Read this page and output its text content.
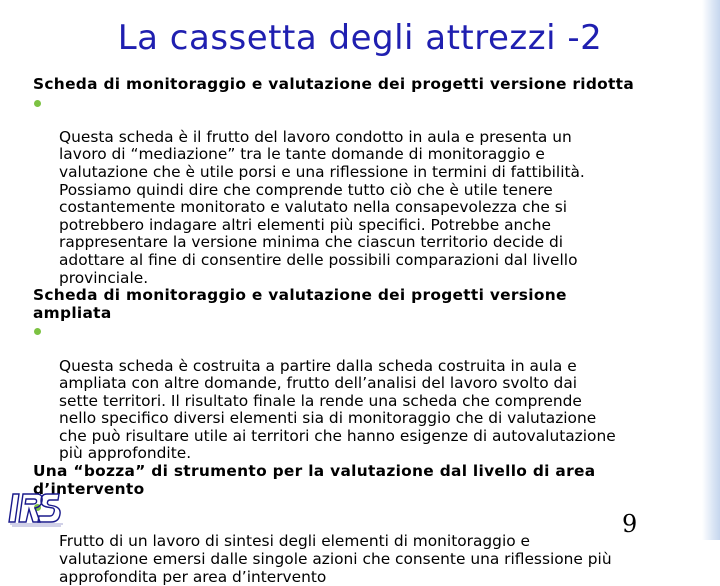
La cassetta degli attrezzi -2
Scheda di monitoraggio e valutazione dei progetti versione ridotta

Questa scheda è il frutto del lavoro condotto in aula e presenta un
lavoro di “mediazione” tra le tante domande di monitoraggio e
valutazione che è utile porsi e una riflessione in termini di fattibilità.
Possiamo quindi dire che comprende tutto ciò che è utile tenere
costantemente monitorato e valutato nella consapevolezza che si
potrebbero indagare altri elementi più specifici. Potrebbe anche
rappresentare la versione minima che ciascun territorio decide di
adottare al fine di consentire delle possibili comparazioni dal livello
provinciale.

Scheda di monitoraggio e valutazione dei progetti versione
ampliata

Questa scheda è costruita a partire dalla scheda costruita in aula e
ampliata con altre domande, frutto dell’analisi del lavoro svolto dai
sette territori. Il risultato finale la rende una scheda che comprende
nello specifico diversi elementi sia di monitoraggio che di valutazione
che può risultare utile ai territori che hanno esigenze di autovalutazione
più approfondite.

Una “bozza” di strumento per la valutazione dal livello di area
d’intervento

Frutto di un lavoro di sintesi degli elementi di monitoraggio e
valutazione emersi dalle singole azioni che consente una riflessione più
approfondita per area d’intervento

9
